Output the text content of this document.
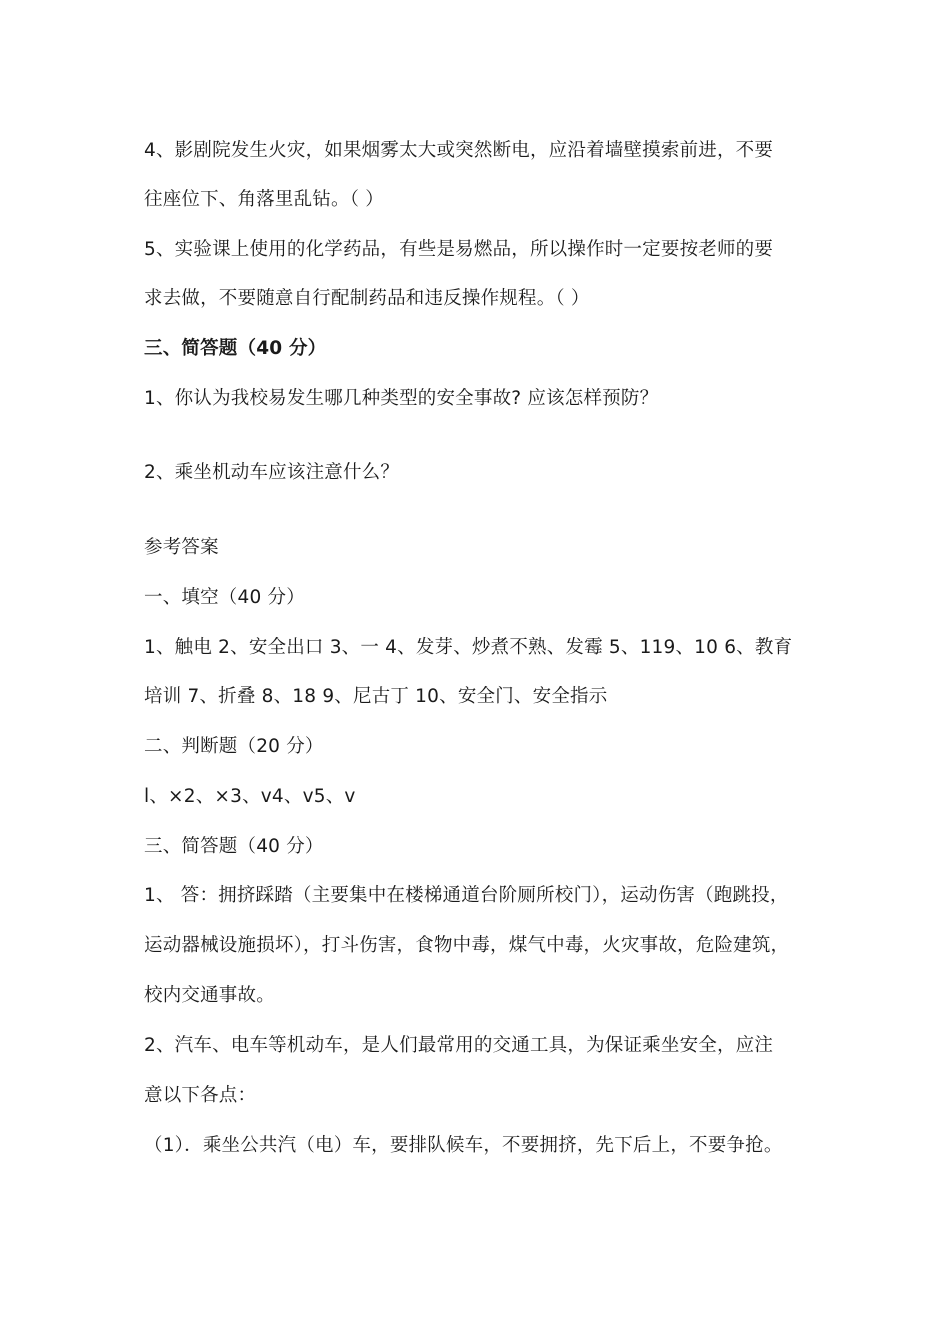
4、影剧院发生火灾，如果烟雾太大或突然断电，应沿着墙壁摸索前进，不要
往座位下、角落里乱钻。（ ）
5、实验课上使用的化学药品，有些是易燃品，所以操作时一定要按老师的要
求去做，不要随意自行配制药品和违反操作规程。（ ）
三、简答题（40 分）
1、你认为我校易发生哪几种类型的安全事故? 应该怎样预防？
2、乘坐机动车应该注意什么？
参考答案
一、填空（40 分）
1、触电 2、安全出口 3、一 4、发芽、炒煮不熟、发霉 5、119、10 6、教育
培训 7、折叠 8、18 9、尼古丁 10、安全门、安全指示
二、判断题（20 分）
l、×2、×3、v4、v5、v
三、简答题（40 分）
1、 答：拥挤踩踏（主要集中在楼梯通道台阶厕所校门），运动伤害（跑跳投，
运动器械设施损坏），打斗伤害，食物中毒，煤气中毒，火灾事故，危险建筑，
校内交通事故。
2、汽车、电车等机动车，是人们最常用的交通工具，为保证乘坐安全，应注
意以下各点：
（1）．乘坐公共汽（电）车，要排队候车，不要拥挤，先下后上，不要争抢。
